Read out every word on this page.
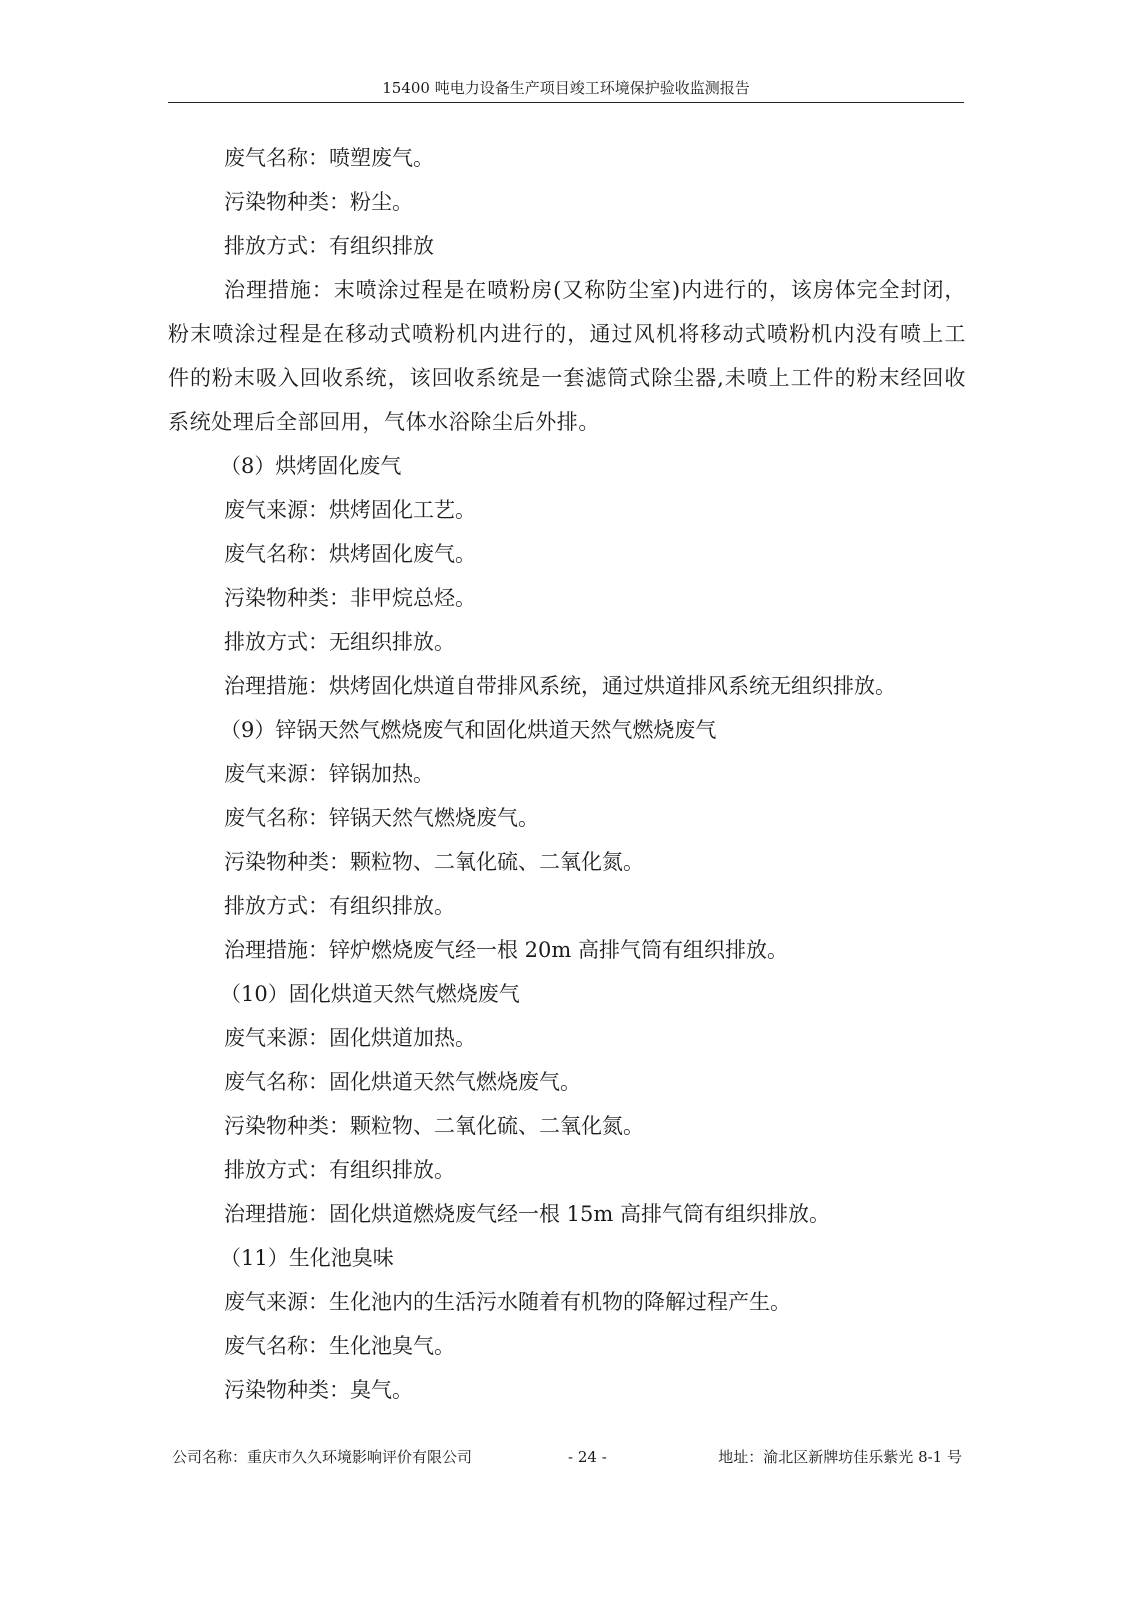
15400 吨电力设备生产项目竣工环境保护验收监测报告

废气名称：喷塑废气。

污染物种类：粉尘。

排放方式：有组织排放

治理措施：末喷涂过程是在喷粉房(又称防尘室)内进行的，该房体完全封闭，粉末喷涂过程是在移动式喷粉机内进行的，通过风机将移动式喷粉机内没有喷上工件的粉末吸入回收系统，该回收系统是一套滤筒式除尘器,未喷上工件的粉末经回收系统处理后全部回用，气体水浴除尘后外排。

（8）烘烤固化废气

废气来源：烘烤固化工艺。

废气名称：烘烤固化废气。

污染物种类：非甲烷总烃。

排放方式：无组织排放。

治理措施：烘烤固化烘道自带排风系统，通过烘道排风系统无组织排放。

（9）锌锅天然气燃烧废气和固化烘道天然气燃烧废气

废气来源：锌锅加热。

废气名称：锌锅天然气燃烧废气。

污染物种类：颗粒物、二氧化硫、二氧化氮。

排放方式：有组织排放。

治理措施：锌炉燃烧废气经一根 20m 高排气筒有组织排放。

（10）固化烘道天然气燃烧废气

废气来源：固化烘道加热。

废气名称：固化烘道天然气燃烧废气。

污染物种类：颗粒物、二氧化硫、二氧化氮。

排放方式：有组织排放。

治理措施：固化烘道燃烧废气经一根 15m 高排气筒有组织排放。

（11）生化池臭味

废气来源：生化池内的生活污水随着有机物的降解过程产生。

废气名称：生化池臭气。

污染物种类：臭气。

公司名称：重庆市久久环境影响评价有限公司	- 24 -	地址：渝北区新牌坊佳乐紫光 8-1 号
